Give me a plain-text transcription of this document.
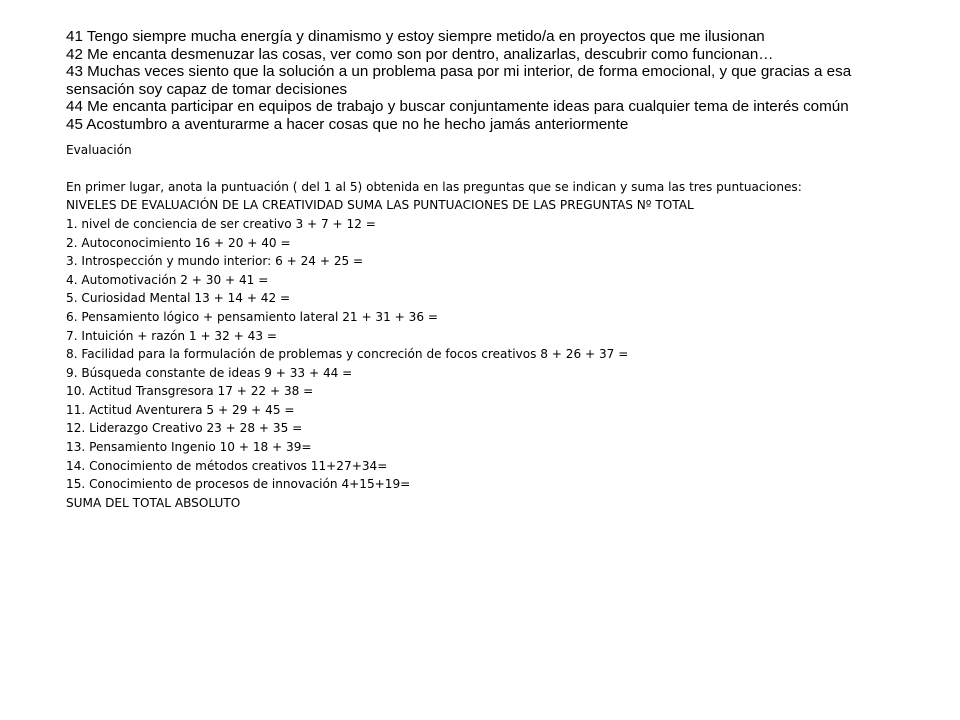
41 Tengo siempre mucha energía y dinamismo y estoy siempre metido/a en proyectos que me ilusionan

42 Me encanta desmenuzar las cosas, ver como son por dentro, analizarlas, descubrir como funcionan…

43 Muchas veces siento que la solución a un problema pasa por mi interior, de forma emocional, y que gracias a esa sensación soy capaz de tomar decisiones

44 Me encanta participar en equipos de trabajo y buscar conjuntamente ideas para cualquier tema de interés común

45 Acostumbro a aventurarme a hacer cosas que no he hecho jamás anteriormente

Evaluación

En primer lugar, anota la puntuación ( del 1 al 5) obtenida en las preguntas que se indican y suma las tres puntuaciones:

NIVELES DE EVALUACIÓN DE LA CREATIVIDAD SUMA LAS PUNTUACIONES DE LAS PREGUNTAS Nº TOTAL

1. nivel de conciencia de ser creativo 3 + 7 + 12 =

2. Autoconocimiento 16 + 20 + 40 =

3. Introspección y mundo interior: 6 + 24 + 25 =

4. Automotivación 2 + 30 + 41 =

5. Curiosidad Mental 13 + 14 + 42 =

6. Pensamiento lógico + pensamiento lateral 21 + 31 + 36 =

7. Intuición + razón 1 + 32 + 43 =

8. Facilidad para la formulación de problemas y concreción de focos creativos 8 + 26 + 37 =

9. Búsqueda constante de ideas 9 + 33 + 44 =

10. Actitud Transgresora 17 + 22 + 38 =

11. Actitud Aventurera 5 + 29 + 45 =

12. Liderazgo Creativo 23 + 28 + 35 =

13. Pensamiento Ingenio 10 + 18 + 39=

14. Conocimiento de métodos creativos 11+27+34=

15. Conocimiento de procesos de innovación 4+15+19=

SUMA DEL TOTAL ABSOLUTO
